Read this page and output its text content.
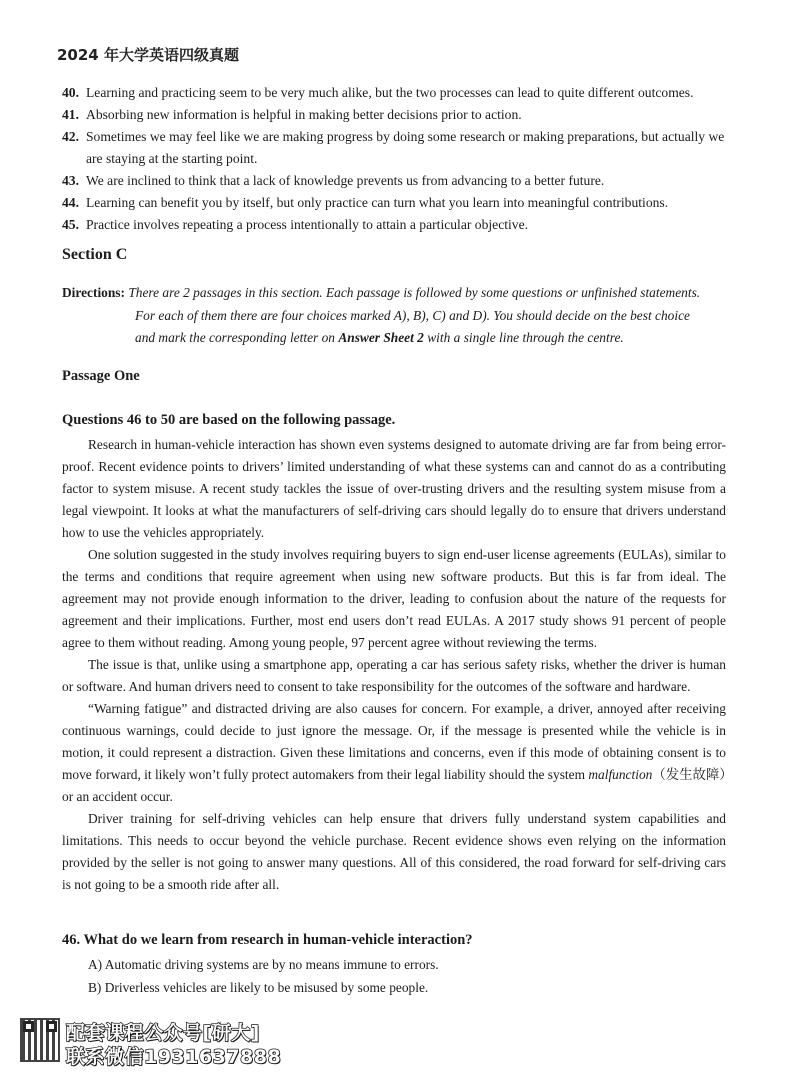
2024 年大学英语四级真题
40. Learning and practicing seem to be very much alike, but the two processes can lead to quite different outcomes.
41. Absorbing new information is helpful in making better decisions prior to action.
42. Sometimes we may feel like we are making progress by doing some research or making preparations, but actually we are staying at the starting point.
43. We are inclined to think that a lack of knowledge prevents us from advancing to a better future.
44. Learning can benefit you by itself, but only practice can turn what you learn into meaningful contributions.
45. Practice involves repeating a process intentionally to attain a particular objective.
Section C
Directions: There are 2 passages in this section. Each passage is followed by some questions or unfinished statements.
For each of them there are four choices marked A), B), C) and D). You should decide on the best choice
and mark the corresponding letter on Answer Sheet 2 with a single line through the centre.
Passage One
Questions 46 to 50 are based on the following passage.

Research in human-vehicle interaction has shown even systems designed to automate driving are far from being error-proof. Recent evidence points to drivers’ limited understanding of what these systems can and cannot do as a contributing factor to system misuse. A recent study tackles the issue of over-trusting drivers and the resulting system misuse from a legal viewpoint. It looks at what the manufacturers of self-driving cars should legally do to ensure that drivers understand how to use the vehicles appropriately.

One solution suggested in the study involves requiring buyers to sign end-user license agreements (EULAs), similar to the terms and conditions that require agreement when using new software products. But this is far from ideal. The agreement may not provide enough information to the driver, leading to confusion about the nature of the requests for agreement and their implications. Further, most end users don’t read EULAs. A 2017 study shows 91 percent of people agree to them without reading. Among young people, 97 percent agree without reviewing the terms.

The issue is that, unlike using a smartphone app, operating a car has serious safety risks, whether the driver is human or software. And human drivers need to consent to take responsibility for the outcomes of the software and hardware.

“Warning fatigue” and distracted driving are also causes for concern. For example, a driver, annoyed after receiving continuous warnings, could decide to just ignore the message. Or, if the message is presented while the vehicle is in motion, it could represent a distraction. Given these limitations and concerns, even if this mode of obtaining consent is to move forward, it likely won’t fully protect automakers from their legal liability should the system malfunction（发生故障）or an accident occur.

Driver training for self-driving vehicles can help ensure that drivers fully understand system capabilities and limitations. This needs to occur beyond the vehicle purchase. Recent evidence shows even relying on the information provided by the seller is not going to answer many questions. All of this considered, the road forward for self-driving cars is not going to be a smooth ride after all.

46. What do we learn from research in human-vehicle interaction?
A) Automatic driving systems are by no means immune to errors.
B) Driverless vehicles are likely to be misused by some people.
配套课程公众号[研大]
联系微信1931637888
